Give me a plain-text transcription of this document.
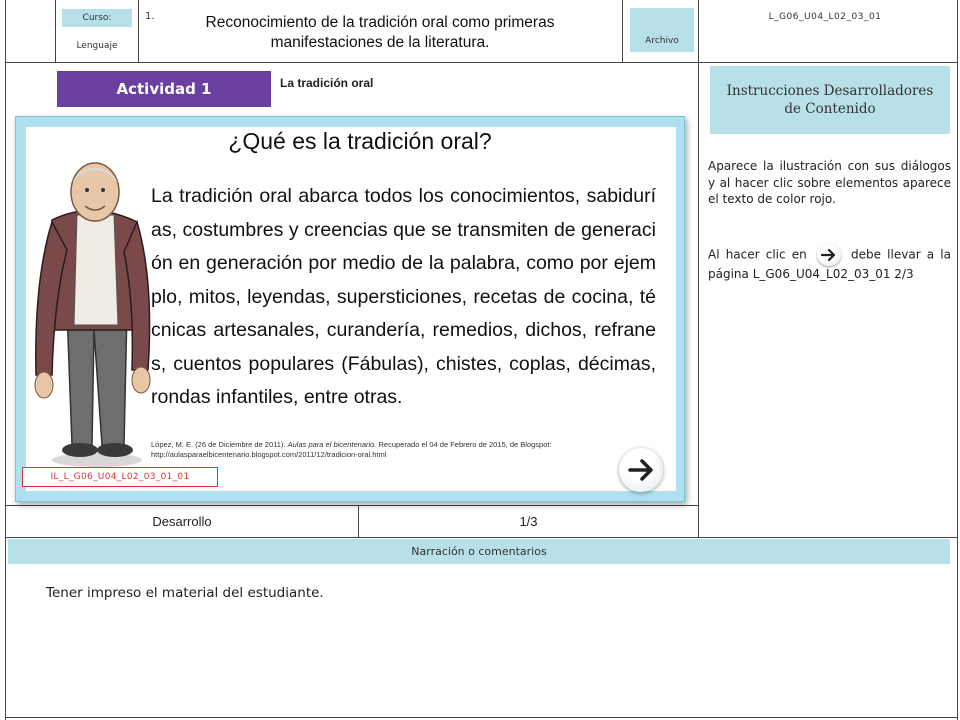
Curso:
Lenguaje
1.	Reconocimiento de la tradición oral como primeras manifestaciones de la literatura.	Archivo
L_G06_U04_L02_03_01
Actividad 1	La tradición oral
¿Qué es la tradición oral?
La tradición oral abarca todos los conocimientos, sabidurías, costumbres y creencias que se transmiten de generación en generación por medio de la palabra, como por ejemplo, mitos, leyendas, supersticiones, recetas de cocina, técnicas artesanales, curandería, remedios, dichos, refranes, cuentos populares (Fábulas), chistes, coplas, décimas, rondas infantiles, entre otras.
López, M. E. (26 de Diciembre de 2011). Aulas para el bicentenario. Recuperado el 04 de Febrero de 2015, de Blogspot:
http://aulasparaelbicentenario.blogspot.com/2011/12/tradicion-oral.html
IL_L_G06_U04_L02_03_01_01
Instrucciones Desarrolladores de Contenido
Aparece la ilustración con sus diálogos y al hacer clic sobre elementos aparece el texto de color rojo.
Al hacer clic en	debe llevar a la página L_G06_U04_L02_03_01 2/3
Desarrollo	1/3
Narración o comentarios
Tener impreso el material del estudiante.
